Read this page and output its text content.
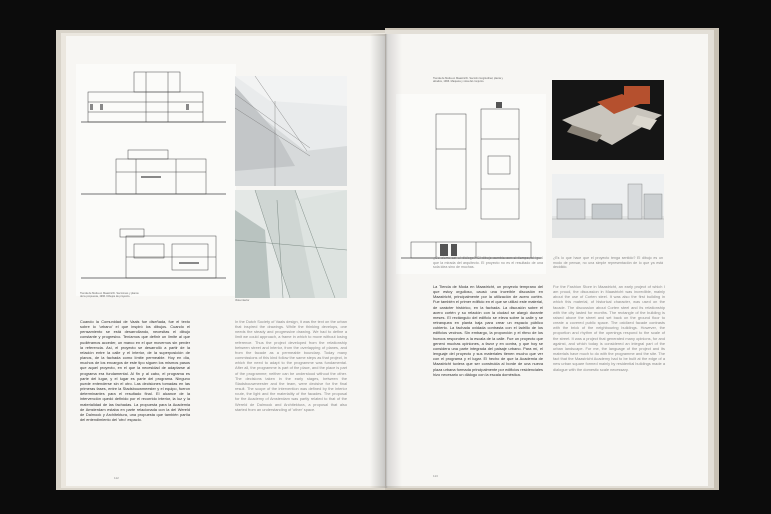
Tienda de Moda en Maastricht. Secciones y planos de la propuesta, 1996. Dibujos de proyecto.
Vista interior
Cuando la Comunidad de Vaals fue diseñada, fue el texto sobre lo 'urbano' el que inspiró los dibujos. Cuando el pensamiento se está desarrollando, necesitas el dibujo constante y progresivo. Teníamos que definir un límite al que pudiéramos acceder, un marco en el que movernos sin perder la referencia. Así, el proyecto se desarrolló a partir de la relación entre la calle y el interior, de la superposición de planos, de la fachada como límite permeable. Hoy en día, muchos de los encargos de este tipo siguen los mismos pasos que aquel proyecto, en el que la necesidad de adaptarse al programa era fundamental. Al fin y al cabo, el programa es parte del lugar, y el lugar es parte del programa. Ninguno puede entenderse sin el otro. Las decisiones tomadas en las primeras fases, entre la Stadsbouwmeester y el equipo, fueron determinantes para el resultado final. El alcance de la intervención quedó definido por el recorrido interior, la luz y la materialidad de las fachadas. La propuesta para la Academia de Amsterdam estaba en parte relacionada con la del Wereld de Dalmook y Architektura, una propuesta que también partía del entendimiento del 'otro' espacio.
In the Dutch Society of Vaals design, it was the text on the urban that inspired the drawings. While the thinking develops, one needs the steady and progressive drawing. We had to define a limit we could approach, a frame in which to move without losing reference. Thus the project developed from the relationship between street and interior, from the overlapping of planes, and from the facade as a permeable boundary. Today many commissions of this kind follow the same steps as that project, in which the need to adapt to the programme was fundamental. After all, the programme is part of the place, and the place is part of the programme; neither can be understood without the other. The decisions taken in the early stages, between the Stadsbouwmeester and the team, were decisive for the final result. The scope of the intervention was defined by the interior route, the light and the materiality of the facades. The proposal for the Academy of Amsterdam was partly related to that of the Wereld de Dalmook and Architektura, a proposal that also started from an understanding of 'other' space.
112
Tienda de Moda en Maastricht. Sección longitudinal, planta y alzados, 1996. Maqueta y vista del conjunto.
¿Se cierra así el diálogo? El dibujo cambia con el tiempo, al igual que la mirada del arquitecto. El proyecto no es el resultado de una sola idea sino de muchas.
¿Es lo que hace que el proyecto tenga sentido? El dibujo es un modo de pensar, no una simple representación de lo que ya está decidido.
La Tienda de Moda en Maastricht, un proyecto temprano del que estoy orgulloso, causó una increíble discusión en Maastricht, principalmente por la utilización de acero cortén. Fue también el primer edificio en el que se utilizó este material, de carácter histórico, en la fachada. La discusión sobre el acero cortén y su relación con la ciudad se alargó durante meses. El rectángulo del edificio se eleva sobre la calle y se retranquea en planta baja para crear un espacio público cubierto. La fachada oxidada contrasta con el ladrillo de los edificios vecinos. Sin embargo, la proporción y el ritmo de los huecos responden a la escala de la calle. Fue un proyecto que generó muchas opiniones, a favor y en contra, y que hoy se considera una parte integrada del paisaje urbano. Para mí, el lenguaje del proyecto y sus materiales tienen mucho que ver con el programa y el lugar. El hecho de que la Academia de Maastricht tuviera que ser construida al borde de una nueva plaza urbana formada principalmente por edificios residenciales hizo necesario un diálogo con la escala doméstica.
For the Fashion Store in Maastricht, an early project of which I am proud, the discussion in Maastricht was incredible, mainly about the use of Corten steel. It was also the first building in which this material, of historical character, was used on the facade. The discussion about Corten steel and its relationship with the city lasted for months. The rectangle of the building is raised above the street and set back on the ground floor to create a covered public space. The oxidized facade contrasts with the brick of the neighbouring buildings. However, the proportion and rhythm of the openings respond to the scale of the street. It was a project that generated many opinions, for and against, and which today is considered an integral part of the urban landscape. For me, the language of the project and its materials have much to do with the programme and the site. The fact that the Maastricht Academy had to be built at the edge of a new urban square formed mainly by residential buildings made a dialogue with the domestic scale necessary.
113
